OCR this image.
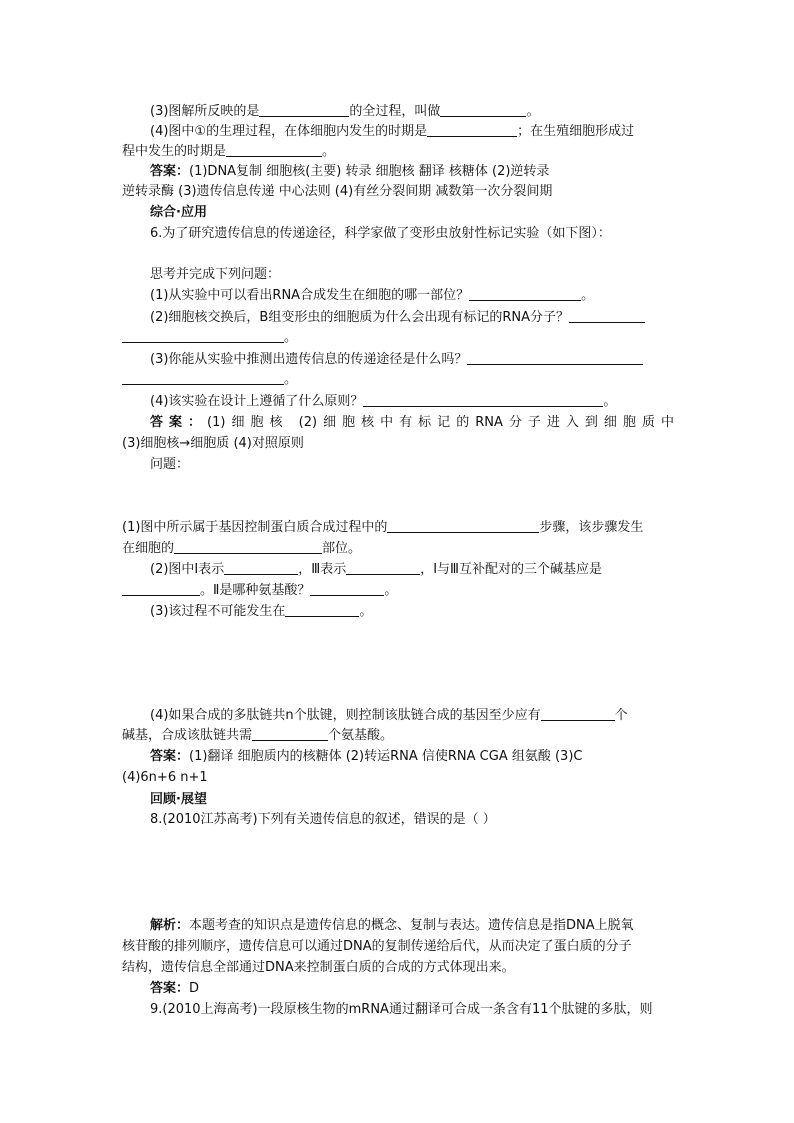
(3)图解所反映的是	的全过程，叫做	。
(4)图中①的生理过程，在体细胞内发生的时期是	；在生殖细胞形成过
程中发生的时期是	。
答案：(1)DNA复制 细胞核(主要) 转录 细胞核 翻译 核糖体 (2)逆转录
逆转录酶 (3)遗传信息传递 中心法则 (4)有丝分裂间期 减数第一次分裂间期
综合·应用
6.为了研究遗传信息的传递途径，科学家做了变形虫放射性标记实验（如下图）：
思考并完成下列问题：
(1)从实验中可以看出RNA合成发生在细胞的哪一部位？	。
(2)细胞核交换后，B组变形虫的细胞质为什么会出现有标记的RNA分子？
。
(3)你能从实验中推测出遗传信息的传递途径是什么吗？
。
(4)该实验在设计上遵循了什么原则？	。
答案：(1)细胞核 (2)细胞核中有标记的RNA分子进入到细胞质中
(3)细胞核→细胞质 (4)对照原则
问题：
(1)图中所示属于基因控制蛋白质合成过程中的	步骤，该步骤发生
在细胞的	部位。
(2)图中Ⅰ表示	，Ⅲ表示	，Ⅰ与Ⅲ互补配对的三个碱基应是
。Ⅱ是哪种氨基酸？	。
(3)该过程不可能发生在	。
(4)如果合成的多肽链共n个肽键，则控制该肽链合成的基因至少应有	个
碱基，合成该肽链共需	个氨基酸。
答案：(1)翻译 细胞质内的核糖体 (2)转运RNA 信使RNA CGA 组氨酸 (3)C
(4)6n+6 n+1
回顾·展望
8.(2010江苏高考)下列有关遗传信息的叙述，错误的是（ ）
解析：本题考查的知识点是遗传信息的概念、复制与表达。遗传信息是指DNA上脱氧
核苷酸的排列顺序，遗传信息可以通过DNA的复制传递给后代，从而决定了蛋白质的分子
结构，遗传信息全部通过DNA来控制蛋白质的合成的方式体现出来。
答案：D
9.(2010上海高考)一段原核生物的mRNA通过翻译可合成一条含有11个肽键的多肽，则
